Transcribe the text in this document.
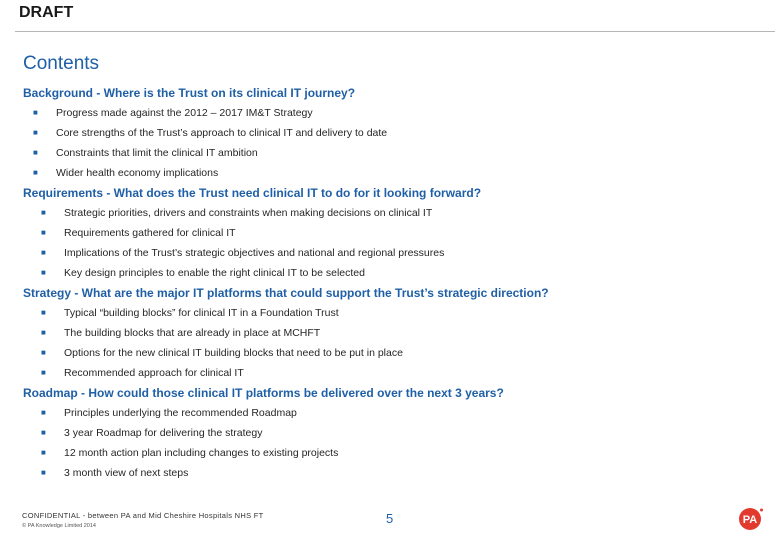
DRAFT
Contents
Background - Where is the Trust on its clinical IT journey?
■ Progress made against the 2012 – 2017 IM&T Strategy
■ Core strengths of the Trust’s approach to clinical IT and delivery to date
■ Constraints that limit the clinical IT ambition
■ Wider health economy implications
Requirements - What does the Trust need clinical IT to do for it looking forward?
■ Strategic priorities, drivers and constraints when making decisions on clinical IT
■ Requirements gathered for clinical IT
■ Implications of the Trust’s strategic objectives and national and regional pressures
■ Key design principles to enable the right clinical IT to be selected
Strategy - What are the major IT platforms that could support the Trust’s strategic direction?
■ Typical “building blocks” for clinical IT in a Foundation Trust
■ The building blocks that are already in place at MCHFT
■ Options for the new clinical IT building blocks that need to be put in place
■ Recommended approach for clinical IT
Roadmap - How could those clinical IT platforms be delivered over the next 3 years?
■ Principles underlying the recommended Roadmap
■ 3 year Roadmap for delivering the strategy
■ 12 month action plan including changes to existing projects
■ 3 month view of next steps
CONFIDENTIAL - between PA and Mid Cheshire Hospitals NHS FT
© PA Knowledge Limited 2014	5	PA
